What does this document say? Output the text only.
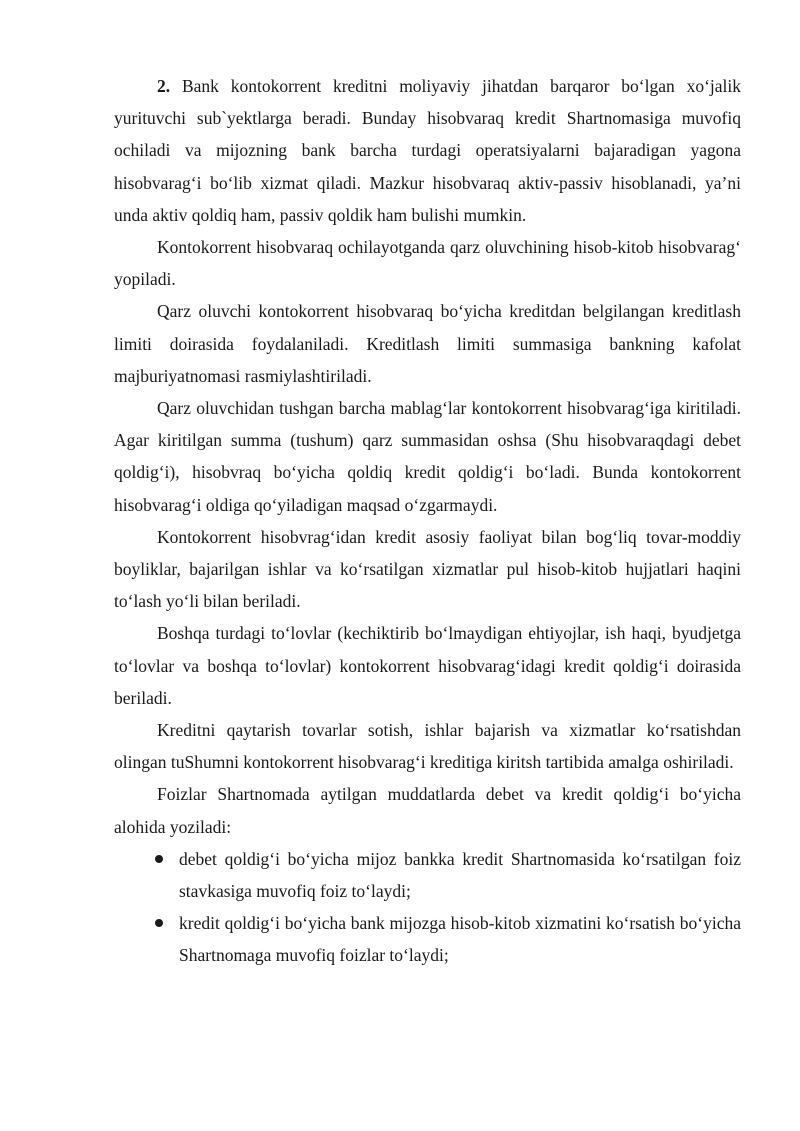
2. Bank kontokorrent kreditni moliyaviy jihatdan barqaror bo‘lgan xo‘jalik yurituvchi sub`yektlarga beradi. Bunday hisobvaraq kredit Shartnomasiga muvofiq ochiladi va mijozning bank barcha turdagi operatsiyalarni bajaradigan yagona hisobvarag‘i bo‘lib xizmat qiladi. Mazkur hisobvaraq aktiv-passiv hisoblanadi, ya’ni unda aktiv qoldiq ham, passiv qoldik ham bulishi mumkin.

Kontokorrent hisobvaraq ochilayotganda qarz oluvchining hisob-kitob hisobvarag‘ yopiladi.

Qarz oluvchi kontokorrent hisobvaraq bo‘yicha kreditdan belgilangan kreditlash limiti doirasida foydalaniladi. Kreditlash limiti summasiga bankning kafolat majburiyatnomasi rasmiylashtiriladi.

Qarz oluvchidan tushgan barcha mablag‘lar kontokorrent hisobvarag‘iga kiritiladi. Agar kiritilgan summa (tushum) qarz summasidan oshsa (Shu hisobvaraqdagi debet qoldig‘i), hisobvraq bo‘yicha qoldiq kredit qoldig‘i bo‘ladi. Bunda kontokorrent hisobvarag‘i oldiga qo‘yiladigan maqsad o‘zgarmaydi.

Kontokorrent hisobvrag‘idan kredit asosiy faoliyat bilan bog‘liq tovar-moddiy boyliklar, bajarilgan ishlar va ko‘rsatilgan xizmatlar pul hisob-kitob hujjatlari haqini to‘lash yo‘li bilan beriladi.

Boshqa turdagi to‘lovlar (kechiktirib bo‘lmaydigan ehtiyojlar, ish haqi, byudjetga to‘lovlar va boshqa to‘lovlar) kontokorrent hisobvarag‘idagi kredit qoldig‘i doirasida beriladi.

Kreditni qaytarish tovarlar sotish, ishlar bajarish va xizmatlar ko‘rsatishdan olingan tuShumni kontokorrent hisobvarag‘i kreditiga kiritsh tartibida amalga oshiriladi.

Foizlar Shartnomada aytilgan muddatlarda debet va kredit qoldig‘i bo‘yicha alohida yoziladi:

debet qoldig‘i bo‘yicha mijoz bankka kredit Shartnomasida ko‘rsatilgan foiz stavkasiga muvofiq foiz to‘laydi;
kredit qoldig‘i bo‘yicha bank mijozga hisob-kitob xizmatini ko‘rsatish bo‘yicha Shartnomaga muvofiq foizlar to‘laydi;
